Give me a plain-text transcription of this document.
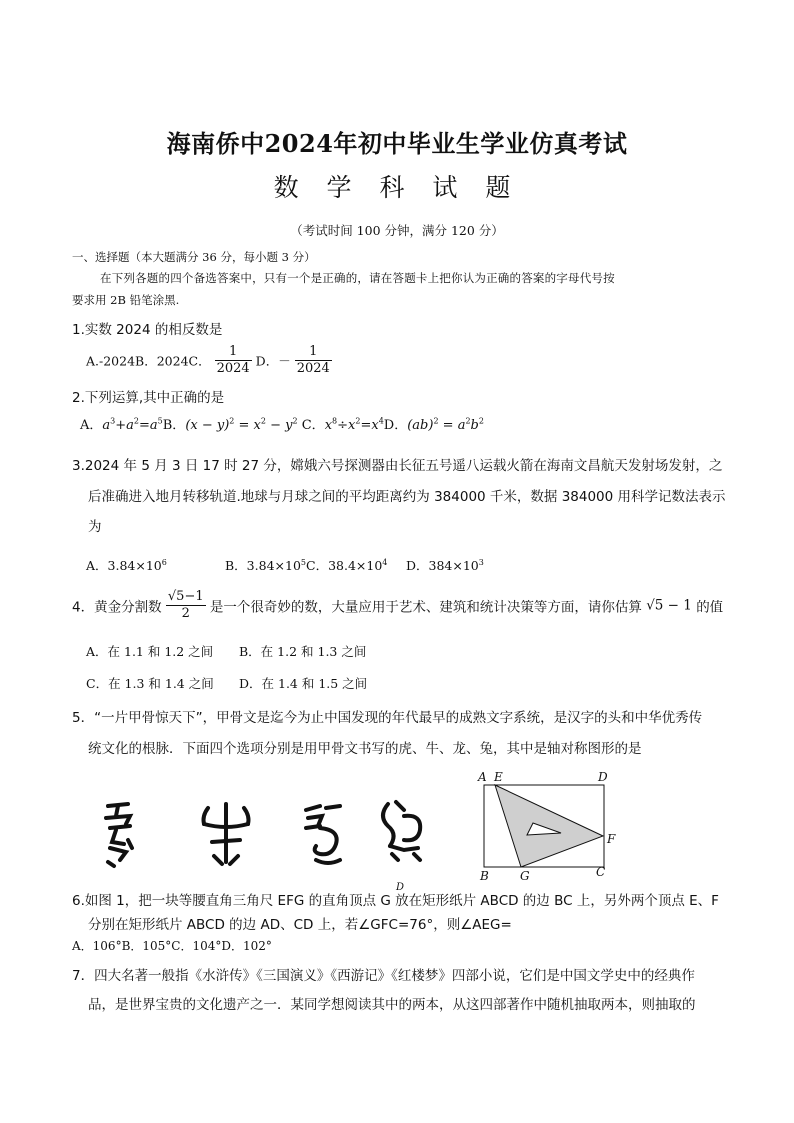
海南侨中2024年初中毕业生学业仿真考试
数 学 科 试 题
（考试时间 100 分钟，满分 120 分）
一、选择题（本大题满分 36 分，每小题 3 分）
在下列各题的四个备选答案中，只有一个是正确的，请在答题卡上把你认为正确的答案的字母代号按
要求用 2B 铅笔涂黑.
1.实数 2024 的相反数是
A.-2024B．2024C． $\frac{1}{2024}$ D．－ $\frac{1}{2024}$
2.下列运算,其中正确的是
A．$a^3+a^2=a^5B$．$(x - y)^2 = x^2 - y^2$ C．$x^8\div x^2=x^4D$．$(ab)^2 = a^2b^2$
3.2024 年 5 月 3 日 17 时 27 分，嫦娥六号探测器由长征五号遥八运载火箭在海南文昌航天发射场发射，之
后准确进入地月转移轨道.地球与月球之间的平均距离约为 384000 千米，数据 384000 用科学记数法表示
为
A．$3.84\times 10^6$	B．$3.84\times 10^5C$．$38.4\times 10^4$ D．$384\times 10^3$
4．黄金分割数 $\frac{√5-1}{2}$ 是一个很奇妙的数，大量应用于艺术、建筑和统计决策等方面，请你估算 √5 − 1 的值
A．在 1.1 和 1.2 之间 B．在 1.2 和 1.3 之间
C．在 1.3 和 1.4 之间 D．在 1.4 和 1.5 之间
5．“一片甲骨惊天下”，甲骨文是迄今为止中国发现的年代最早的成熟文字系统，是汉字的头和中华优秀传
统文化的根脉．下面四个选项分别是用甲骨文书写的虎、牛、龙、兔，其中是轴对称图形的是
A E	D
B	G	C
F
D
6.如图 1，把一块等腰直角三角尺 EFG 的直角顶点 G 放在矩形纸片 ABCD 的边 BC 上，另外两个顶点 E、F
分别在矩形纸片 ABCD 的边 AD、CD 上，若∠GFC=76°，则∠AEG=
A．106°B．105°C．104°D．102°
7．四大名著一般指《水浒传》《三国演义》《西游记》《红楼梦》四部小说，它们是中国文学史中的经典作
品，是世界宝贵的文化遗产之一．某同学想阅读其中的两本，从这四部著作中随机抽取两本，则抽取的
